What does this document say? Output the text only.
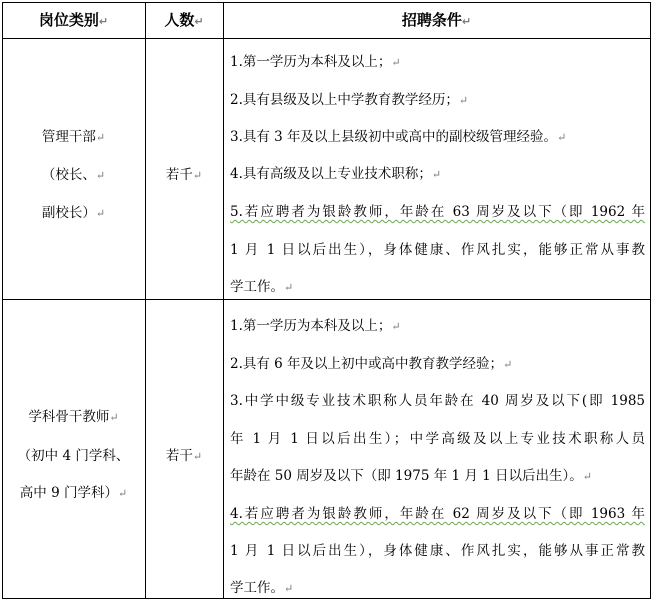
岗位类别↵	人数↵	招聘条件↵
管理干部↵
（校长、↵
副校长）↵
若千↵
1.第一学历为本科及以上；↵
2.具有县级及以上中学教育教学经历；↵
3.具有 3 年及以上县级初中或高中的副校级管理经验。↵
4.具有高级及以上专业技术职称；↵
5.若应聘者为银龄教师，年龄在 63 周岁及以下（即 1962 年
1 月 1 日以后出生），身体健康、作风扎实，能够正常从事教
学工作。↵
学科骨干教师↵
（初中 4 门学科、
高中 9 门学科）↵
若干↵
1.第一学历为本科及以上；↵
2.具有 6 年及以上初中或高中教育教学经验；↵
3.中学中级专业技术职称人员年龄在 40 周岁及以下(即 1985
年 1 月 1 日以后出生）；中学高级及以上专业技术职称人员
年龄在 50 周岁及以下（即 1975 年 1 月 1 日以后出生）。↵
4.若应聘者为银龄教师，年龄在 62 周岁及以下（即 1963 年
1 月 1 日以后出生），身体健康、作风扎实，能够从事正常教
学工作。↵
